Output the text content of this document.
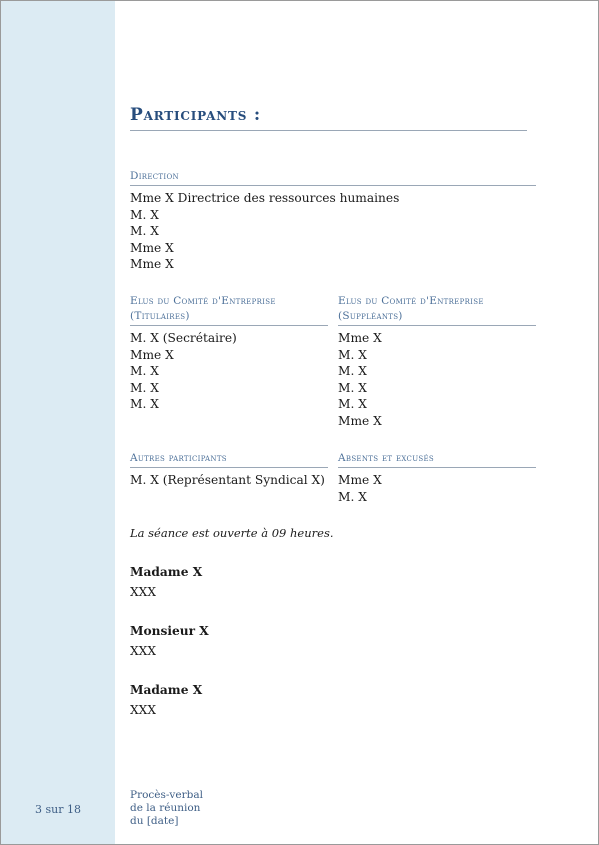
3 sur 18
Procès-verbal
de la réunion
du [date]
Participants :
Direction
Mme X Directrice des ressources humaines
M. X
M. X
Mme X
Mme X
Elus du Comité d'Entreprise
(Titulaires)
M. X (Secrétaire)
Mme X
M. X
M. X
M. X
Elus du Comité d'Entreprise
(Suppléants)
Mme X
M. X
M. X
M. X
M. X
Mme X
Autres participants
M. X (Représentant Syndical X)
Absents et excusés
Mme X
M. X
La séance est ouverte à 09 heures.
Madame X
XXX
Monsieur X
XXX
Madame X
XXX
